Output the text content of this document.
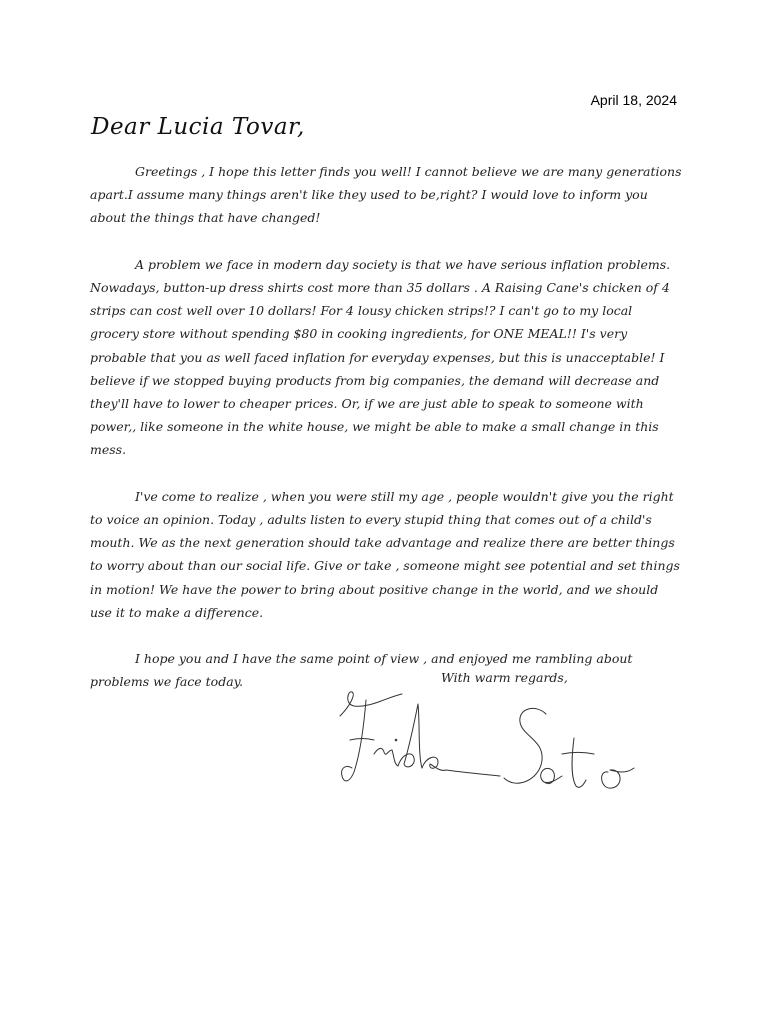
April 18, 2024
Dear Lucia Tovar,

Greetings , I hope this letter finds you well! I cannot believe we are many generations apart.I assume many things aren't like they used to be,right? I would love to inform you about the things that have changed!

A problem we face in modern day society is that we have serious inflation problems. Nowadays, button-up dress shirts cost more than 35 dollars . A Raising Cane's chicken of 4 strips can cost well over 10 dollars! For 4 lousy chicken strips!? I can't go to my local grocery store without spending $80 in cooking ingredients, for ONE MEAL!! I's very probable that you as well faced inflation for everyday expenses, but this is unacceptable! I believe if we stopped buying products from big companies, the demand will decrease and they'll have to lower to cheaper prices. Or, if we are just able to speak to someone with power,, like someone in the white house, we might be able to make a small change in this mess.

I've come to realize , when you were still my age , people wouldn't give you the right to voice an opinion. Today , adults listen to every stupid thing that comes out of a child's mouth. We as the next generation should take advantage and realize there are better things to worry about than our social life. Give or take , someone might see potential and set things in motion! We have the power to bring about positive change in the world, and we should use it to make a difference.

I hope you and I have the same point of view , and enjoyed me rambling about problems we face today.	With warm regards,
